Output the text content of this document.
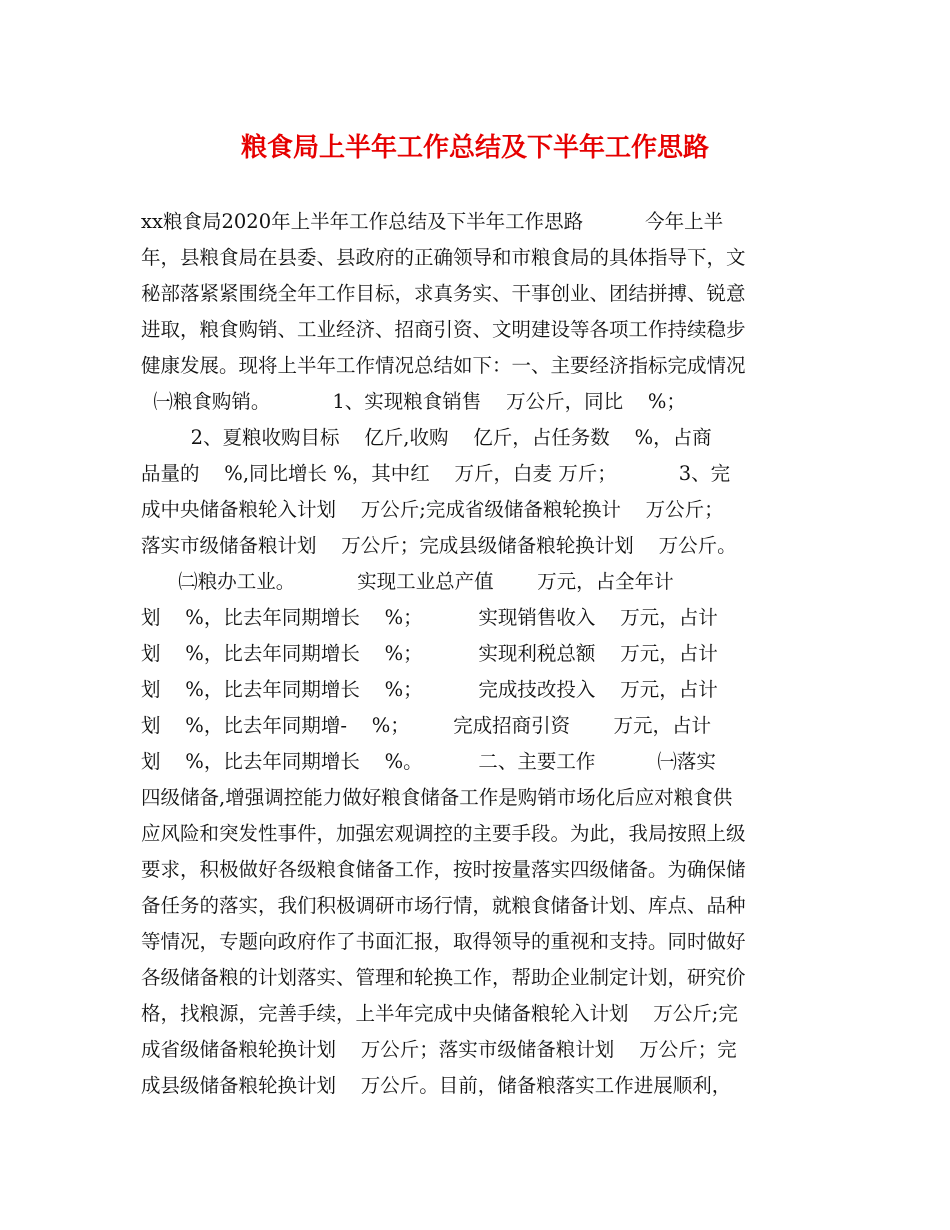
粮食局上半年工作总结及下半年工作思路
xx粮食局2020年上半年工作总结及下半年工作思路          今年上半
年，县粮食局在县委、县政府的正确领导和市粮食局的具体指导下，文
秘部落紧紧围绕全年工作目标，求真务实、干事创业、团结拼搏、锐意
进取，粮食购销、工业经济、招商引资、文明建设等各项工作持续稳步
健康发展。现将上半年工作情况总结如下：一、主要经济指标完成情况
㈠粮食购销。          1、实现粮食销售    万公斤，同比    %；
2、夏粮收购目标    亿斤,收购    亿斤，占任务数    %，占商
品量的    %,同比增长 %，其中红    万斤，白麦 万斤；          3、完
成中央储备粮轮入计划    万公斤;完成省级储备粮轮换计    万公斤；
落实市级储备粮计划    万公斤；完成县级储备粮轮换计划    万公斤。
㈡粮办工业。          实现工业总产值       万元，占全年计
划    %，比去年同期增长    %；         实现销售收入    万元，占计
划    %，比去年同期增长    %；         实现利税总额    万元，占计
划    %，比去年同期增长    %；         完成技改投入    万元，占计
划    %，比去年同期增-    %；       完成招商引资       万元，占计
划    %，比去年同期增长    %。         二、主要工作          ㈠落实
四级储备,增强调控能力做好粮食储备工作是购销市场化后应对粮食供
应风险和突发性事件，加强宏观调控的主要手段。为此，我局按照上级
要求，积极做好各级粮食储备工作，按时按量落实四级储备。为确保储
备任务的落实，我们积极调研市场行情，就粮食储备计划、库点、品种
等情况，专题向政府作了书面汇报，取得领导的重视和支持。同时做好
各级储备粮的计划落实、管理和轮换工作，帮助企业制定计划，研究价
格，找粮源，完善手续，上半年完成中央储备粮轮入计划    万公斤;完
成省级储备粮轮换计划    万公斤；落实市级储备粮计划    万公斤；完
成县级储备粮轮换计划    万公斤。目前，储备粮落实工作进展顺利，
